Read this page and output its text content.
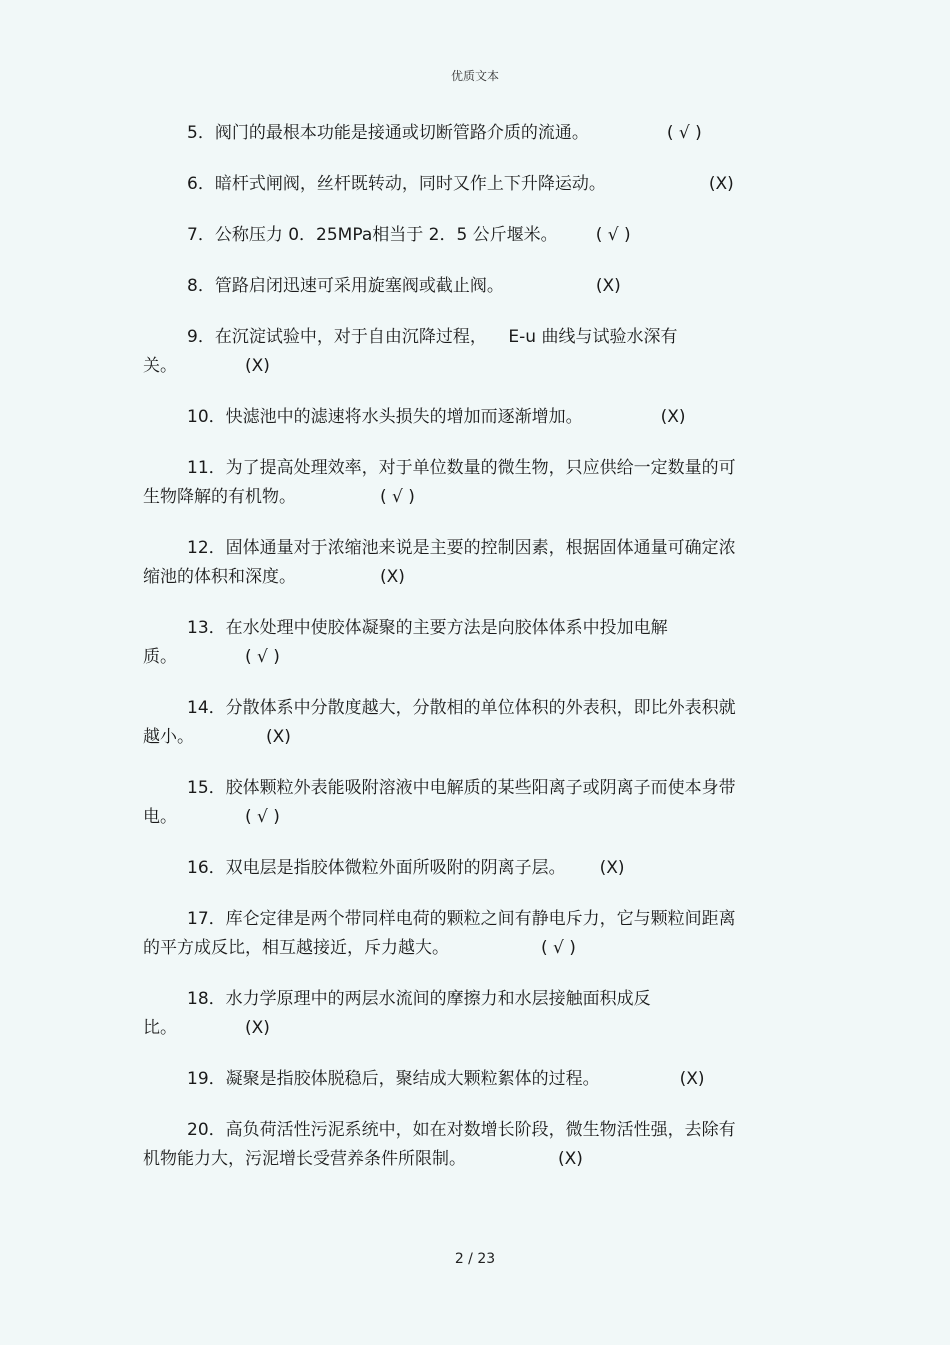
优质文本
5．阀门的最根本功能是接通或切断管路介质的流通。	( √ )
6．暗杆式闸阀，丝杆既转动，同时又作上下升降运动。	(X)
7．公称压力 0．25MPa相当于 2．5 公斤堰米。 ( √ )
8．管路启闭迅速可采用旋塞阀或截止阀。	(X)
9．在沉淀试验中，对于自由沉降过程，    E-u 曲线与试验水深有
关。	(X)
10．快滤池中的滤速将水头损失的增加而逐渐增加。	(X)
11．为了提高处理效率，对于单位数量的微生物，只应供给一定数量的可
生物降解的有机物。	( √ )
12．固体通量对于浓缩池来说是主要的控制因素，根据固体通量可确定浓
缩池的体积和深度。	(X)
13．在水处理中使胶体凝聚的主要方法是向胶体体系中投加电解
质。	( √ )
14．分散体系中分散度越大，分散相的单位体积的外表积，即比外表积就
越小。	(X)
15．胶体颗粒外表能吸附溶液中电解质的某些阳离子或阴离子而使本身带
电。	( √ )
16．双电层是指胶体微粒外面所吸附的阴离子层。 (X)
17．库仑定律是两个带同样电荷的颗粒之间有静电斥力，它与颗粒间距离
的平方成反比，相互越接近，斥力越大。	( √ )
18．水力学原理中的两层水流间的摩擦力和水层接触面积成反
比。	(X)
19．凝聚是指胶体脱稳后，聚结成大颗粒絮体的过程。	(X)
20．高负荷活性污泥系统中，如在对数增长阶段，微生物活性强，去除有
机物能力大，污泥增长受营养条件所限制。	(X)
2 / 23
